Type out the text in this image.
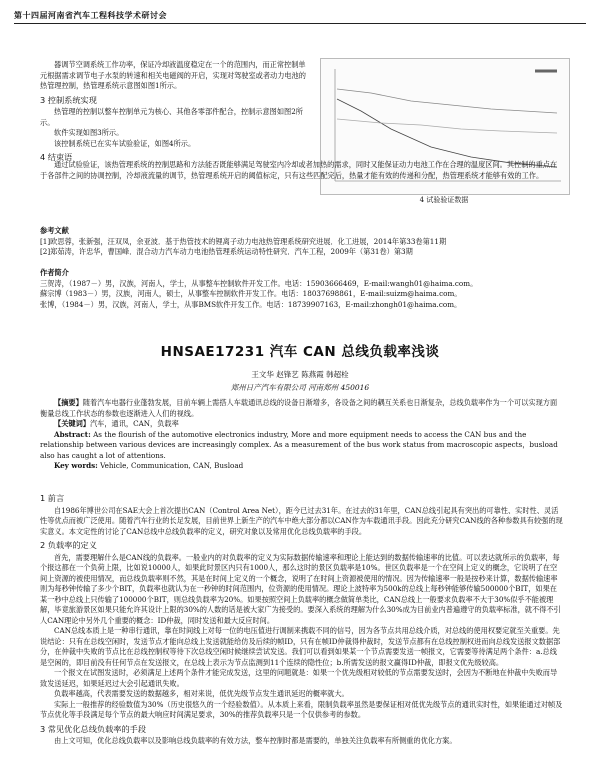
第十四届河南省汽车工程科技学术研讨会

器调节空调系统工作功率，保证冷却液温度稳定在一个的范围内，而正常控制单元根据需求调节电子水泵的转速和相关电磁阀的开启，实现对驾驶室或者动力电池的热管理控制，热管理系统示意图如图1所示。

3 控制系统实现

热管理的控制以整车控制单元为核心、其他各零部件配合，控制示意图如图2所示。

软件实现如图3所示。

该控制系统已在实车试验验证，如图4所示。

4 结束语
4 试验验证数据

通过试验验证，该热管理系统的控制思路和方法能否既能够满足驾驶室内冷却或者加热的需求，同时又能保证动力电池工作在合理的温度区间。其控制的重点在于各部件之间的协调控制，冷却液流量的调节，热管理系统开启的阈值标定，只有这些匹配完后，热量才能有效的传递和分配，热管理系统才能够有效的工作。

参考文献

[1]欧思蓉，张新强，汪双凤，余亚波．基于热管技术的锂离子动力电池热管理系统研究进展．化工进展，2014年第33卷第11期

[2]郑茹涛，许忠华，曹国峰．混合动力汽车动力电池热管理系统运动特性研究．汽车工程，2009年（第31卷）第3期

作者简介

三贺涛，（1987－）男，汉族，河南人，学士，从事整车控制软件开发工作。电话：15903666469，E-mail:wangh01@haima.com。

蘇宗博（1983－）男，汉族，河南人，硕士，从事整车控制软件开发工作。电话：18037698861，E-mail:suizm@haima.com。

张博，（1984－）男，汉族，河南人，学士，从事BMS软件开发工作。电话：18739907163，E-mail:zhongh01@haima.com。

HNSAE17231 汽车 CAN 总线负载率浅谈
王文华 赵锋艺 陈燕霞 韩超栓
郑州日产汽车有限公司 河南郑州 450016

【摘要】随着汽车电器行业蓬勃发展，目前车辆上需搭人车载通讯总线的设备日渐增多，各设备之间的耦互关系也日渐复杂，总线负载率作为一个可以实现方面衡量总线工作状态的参数也逐渐进入人们的视线。

【关键词】汽车，通讯，CAN，负载率

Abstract: As the flourish of the automotive electronics industry, More and more equipment needs to access the CAN bus and the relationship between various devices are increasingly complex. As a measurement of the bus work status from macroscopic aspects，busload also has caught a lot of attentions.

Key words: Vehicle, Communication, CAN, Busload

1 前言

自1986年博世公司在SAE大会上首次提出CAN（Control Area Net），距今已过去31年。在过去的31年里，CAN总线引起具有突出的可靠性、实时性、灵活性等优点而被广泛使用。随着汽车行业的长足发展，目前世界上新生产的汽车中绝大部分都以CAN作为车载通讯手段。因此充分研究CAN线的各种参数具有较强的现实意义。本文定性的讨论了CAN总线中总线负载率的定义，研究对象以及常用优化总线负载率的手段。

2 负载率的定义

首先，需要理解什么是CAN线的负载率。一般业内的对负载率的定义为实际数据传输速率和理论上能达到的数据传输速率的比值。可以表达就所示的负载率，每个报这都在一个负荷上限，比如说10000人，如果此时景区内只有1000人，那么这时的景区负载率是10%。世区负载率是一个在空间上定义的概念，它说明了在空间上资源的被使用情况，而总线负载率则不然，其是在时间上定义的一个概念，说明了在时间上资源被使用的情况。因为传输速率一般是按秒来计算，数据传输速率则为每秒钟传输了多少个BIT，负载率也就认为在一秒钟的时间范围内，位资源的使用情况。理论上波特率为500k的总线上每秒钟能够传输500000个BIT，如果在某一秒中总线上只传输了100000个BIT，则总线负载率为20%。如果按照空间上负载率的概念做简单类比，CAN总线上一般要求负载率不大于30%似乎不能被理解，毕竟旅游景区如果只能允许其设计上限的30%的人数的话是被大家广为接受的。要深入系统的理解为什么30%成为目前业内普遍遵守的负载率标准，就不得不引人CAN理论中另外几个重要的概念：ID仲裁，同时发送和最大反应时间。

CAN总线本质上是一种串行通讯，靠在时间线上对每一位的电压值进行调制来携载不同的信号，因为各节点共用总线介质，对总线的使用权要定就至关重要。先说结论：只有在总线空闲时，发送节点才能向总线上发送就能给仿及后续的帧ID，只有在帧ID仲裁得仲裁时，发送节点都有在总线控制权进而向总线发送报文数据部分，在仲裁中失败的节点比在总线控制权等待下次总线空闲时候继续尝试发送。我们可以看到如果某一个节点需要发送一帧报文，它需要等待满足两个条件：a.总线是空闲的，即目前没有任何节点在发送报文，在总线上表示为节点监测到11个连续的隐性位；b.所需发送的报文赢得ID仲裁，即报文优先级较高。

一个报文在试图发送时，必须满足上述两个条件才能完成发送，这里的问题就是：如果一个优先级相对较低的节点需要发送时，会因为不断地在仲裁中失败而导致发送延迟，如果延迟过大会引起通讯失败。

负载率越高，代表需要发送的数据越多，相对来说，低优先级节点发生通讯延迟的概率就大。

实际上一般推荐的经验数值为30%（历史很悠久的一个经验数值）。从本质上来看，限制负载率虽然是要保证相对低优先级节点的通讯实时性，如果能通过对帧及节点优化等手段满足每个节点的最大响应时间满足要求，30%的推荐负载率只是一个仅供参考的参数。

3 常见优化总线负载率的手段

由上文可知，优化总线负载率以及影响总线负载率的有效方法，整车控制时都是需要的，单独关注负载率有所侧重的优化方案。
